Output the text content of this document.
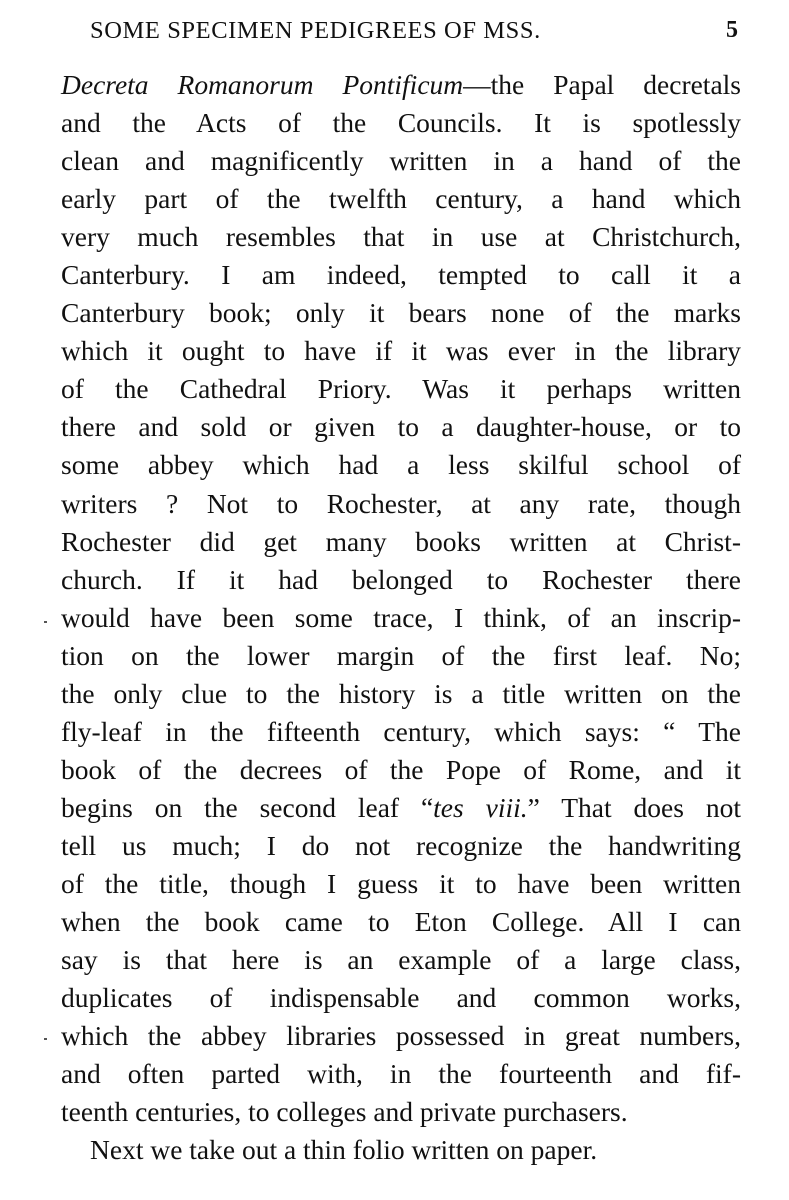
SOME SPECIMEN PEDIGREES OF MSS.	5
Decreta Romanorum Pontificum—the Papal decretals
and the Acts of the Councils. It is spotlessly
clean and magnificently written in a hand of the
early part of the twelfth century, a hand which
very much resembles that in use at Christchurch,
Canterbury. I am indeed, tempted to call it a
Canterbury book; only it bears none of the marks
which it ought to have if it was ever in the library
of the Cathedral Priory. Was it perhaps written
there and sold or given to a daughter-house, or to
some abbey which had a less skilful school of
writers ? Not to Rochester, at any rate, though
Rochester did get many books written at Christ-
church. If it had belonged to Rochester there
would have been some trace, I think, of an inscrip-
tion on the lower margin of the first leaf. No;
the only clue to the history is a title written on the
fly-leaf in the fifteenth century, which says: “ The
book of the decrees of the Pope of Rome, and it
begins on the second leaf “tes viii.” That does not
tell us much; I do not recognize the handwriting
of the title, though I guess it to have been written
when the book came to Eton College. All I can
say is that here is an example of a large class,
duplicates of indispensable and common works,
which the abbey libraries possessed in great numbers,
and often parted with, in the fourteenth and fif-
teenth centuries, to colleges and private purchasers.
Next we take out a thin folio written on paper.
